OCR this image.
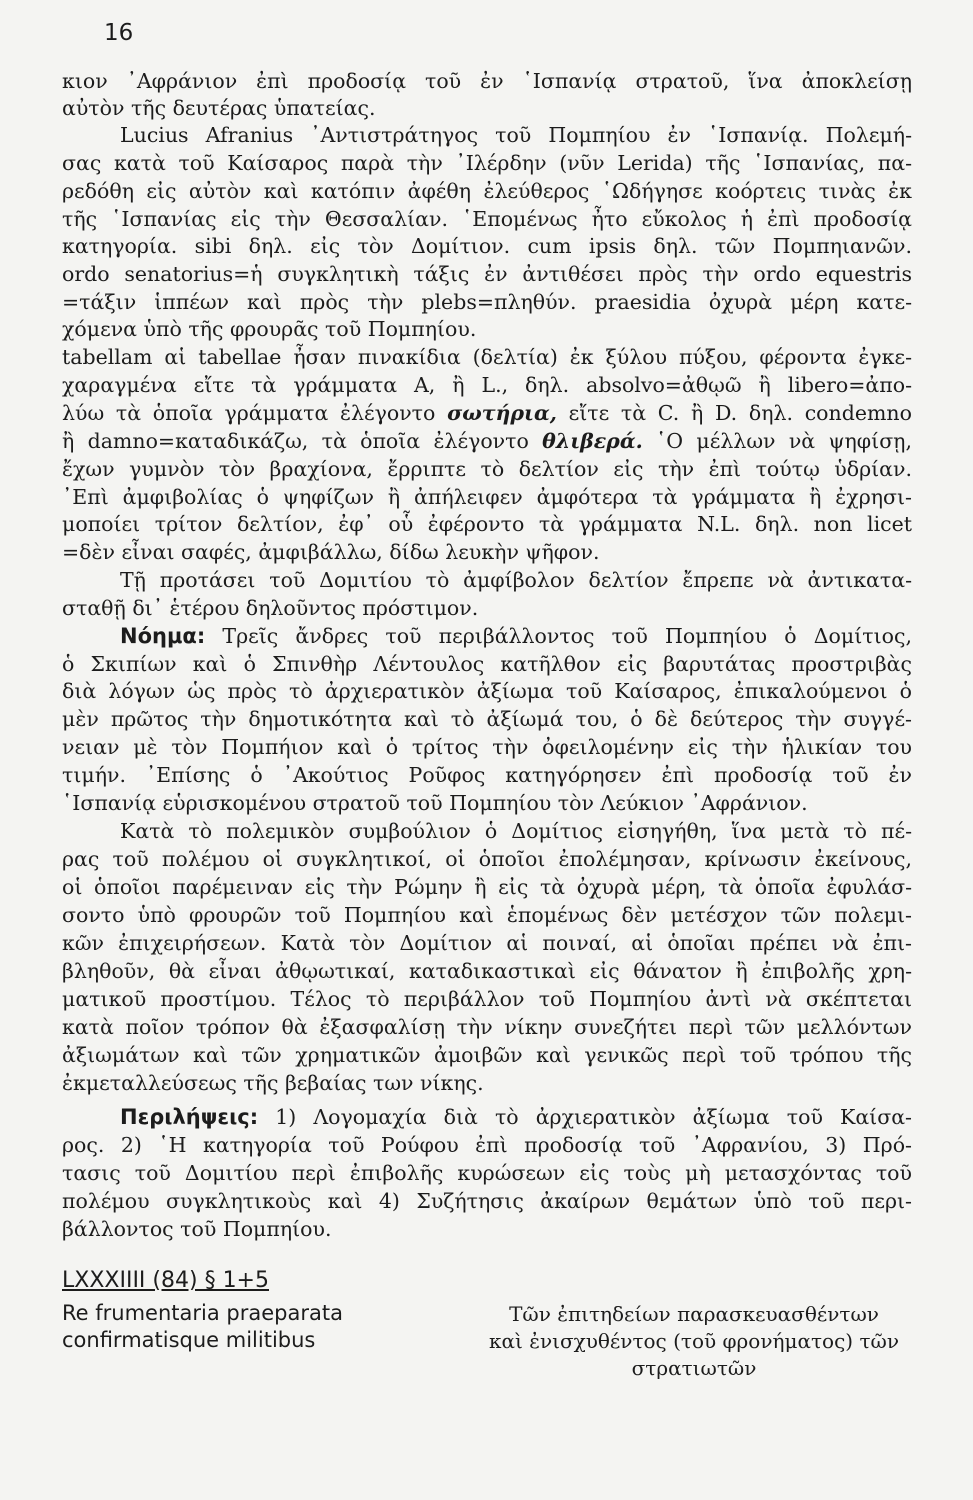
16
κιον ᾿Αφράνιον ἐπὶ προδοσίᾳ τοῦ ἐν ῾Ισπανίᾳ στρατοῦ, ἵνα ἀποκλείσῃ
αὐτὸν τῆς δευτέρας ὑπατείας.
Lucius Afranius ᾿Αντιστράτηγος τοῦ Πομπηίου ἐν ῾Ισπανίᾳ. Πολεμή-
σας κατὰ τοῦ Καίσαρος παρὰ τὴν ᾿Ιλέρδην (νῦν Lerida) τῆς ῾Ισπανίας, πα-
ρεδόθη εἰς αὐτὸν καὶ κατόπιν ἀφέθη ἐλεύθερος ῾Ωδήγησε κοόρτεις τινὰς ἐκ
τῆς ῾Ισπανίας εἰς τὴν Θεσσαλίαν. ῾Επομένως ἦτο εὔκολος ἡ ἐπὶ προδοσίᾳ
κατηγορία. sibi δηλ. εἰς τὸν Δομίτιον. cum ipsis δηλ. τῶν Πομπηιανῶν.
ordo senatorius=ἡ συγκλητικὴ τάξις ἐν ἀντιθέσει πρὸς τὴν ordo equestris
=τάξιν ἱππέων καὶ πρὸς τὴν plebs=πληθύν. praesidia ὀχυρὰ μέρη κατε-
χόμενα ὑπὸ τῆς φρουρᾶς τοῦ Πομπηίου.
tabellam αἱ tabellae ἦσαν πινακίδια (δελτία) ἐκ ξύλου πύξου, φέροντα ἐγκε-
χαραγμένα εἴτε τὰ γράμματα A, ἢ L., δηλ. absolvo=ἀθῳῶ ἢ libero=ἀπο-
λύω τὰ ὁποῖα γράμματα ἐλέγοντο σωτήρια, εἴτε τὰ C. ἢ D. δηλ. condemno
ἢ damno=καταδικάζω, τὰ ὁποῖα ἐλέγοντο θλιβερά. ῾Ο μέλλων νὰ ψηφίσῃ,
ἔχων γυμνὸν τὸν βραχίονα, ἔρριπτε τὸ δελτίον εἰς τὴν ἐπὶ τούτῳ ὑδρίαν.
᾿Επὶ ἀμφιβολίας ὁ ψηφίζων ἢ ἀπήλειφεν ἀμφότερα τὰ γράμματα ἢ ἐχρησι-
μοποίει τρίτον δελτίον, ἐφ᾿ οὗ ἐφέροντο τὰ γράμματα N.L. δηλ. non licet
=δὲν εἶναι σαφές, ἀμφιβάλλω, δίδω λευκὴν ψῆφον.
Τῇ προτάσει τοῦ Δομιτίου τὸ ἀμφίβολον δελτίον ἔπρεπε νὰ ἀντικατα-
σταθῇ δι᾿ ἑτέρου δηλοῦντος πρόστιμον.
Νόημα: Τρεῖς ἄνδρες τοῦ περιβάλλοντος τοῦ Πομπηίου ὁ Δομίτιος,
ὁ Σκιπίων καὶ ὁ Σπινθὴρ Λέντουλος κατῆλθον εἰς βαρυτάτας προστριβὰς
διὰ λόγων ὡς πρὸς τὸ ἀρχιερατικὸν ἀξίωμα τοῦ Καίσαρος, ἐπικαλούμενοι ὁ
μὲν πρῶτος τὴν δημοτικότητα καὶ τὸ ἀξίωμά του, ὁ δὲ δεύτερος τὴν συγγέ-
νειαν μὲ τὸν Πομπήιον καὶ ὁ τρίτος τὴν ὀφειλομένην εἰς τὴν ἡλικίαν του
τιμήν. ᾿Επίσης ὁ ᾿Ακούτιος Ροῦφος κατηγόρησεν ἐπὶ προδοσίᾳ τοῦ ἐν
῾Ισπανίᾳ εὑρισκομένου στρατοῦ τοῦ Πομπηίου τὸν Λεύκιον ᾿Αφράνιον.
Κατὰ τὸ πολεμικὸν συμβούλιον ὁ Δομίτιος εἰσηγήθη, ἵνα μετὰ τὸ πέ-
ρας τοῦ πολέμου οἱ συγκλητικοί, οἱ ὁποῖοι ἐπολέμησαν, κρίνωσιν ἐκείνους,
οἱ ὁποῖοι παρέμειναν εἰς τὴν Ρώμην ἢ εἰς τὰ ὀχυρὰ μέρη, τὰ ὁποῖα ἐφυλάσ-
σοντο ὑπὸ φρουρῶν τοῦ Πομπηίου καὶ ἑπομένως δὲν μετέσχον τῶν πολεμι-
κῶν ἐπιχειρήσεων. Κατὰ τὸν Δομίτιον αἱ ποιναί, αἱ ὁποῖαι πρέπει νὰ ἐπι-
βληθοῦν, θὰ εἶναι ἀθῳωτικαί, καταδικαστικαὶ εἰς θάνατον ἢ ἐπιβολῆς χρη-
ματικοῦ προστίμου. Τέλος τὸ περιβάλλον τοῦ Πομπηίου ἀντὶ νὰ σκέπτεται
κατὰ ποῖον τρόπον θὰ ἐξασφαλίσῃ τὴν νίκην συνεζήτει περὶ τῶν μελλόντων
ἀξιωμάτων καὶ τῶν χρηματικῶν ἀμοιβῶν καὶ γενικῶς περὶ τοῦ τρόπου τῆς
ἐκμεταλλεύσεως τῆς βεβαίας των νίκης.
Περιλήψεις: 1) Λογομαχία διὰ τὸ ἀρχιερατικὸν ἀξίωμα τοῦ Καίσα-
ρος. 2) ῾Η κατηγορία τοῦ Ρούφου ἐπὶ προδοσίᾳ τοῦ ᾿Αφρανίου, 3) Πρό-
τασις τοῦ Δομιτίου περὶ ἐπιβολῆς κυρώσεων εἰς τοὺς μὴ μετασχόντας τοῦ
πολέμου συγκλητικοὺς καὶ 4) Συζήτησις ἀκαίρων θεμάτων ὑπὸ τοῦ περι-
βάλλοντος τοῦ Πομπηίου.
LXXXIIII (84) § 1+5
Re frumentaria praeparata
confirmatisque militibus
Τῶν ἐπιτηδείων παρασκευασθέντων
καὶ ἐνισχυθέντος (τοῦ φρονήματος) τῶν
στρατιωτῶν
